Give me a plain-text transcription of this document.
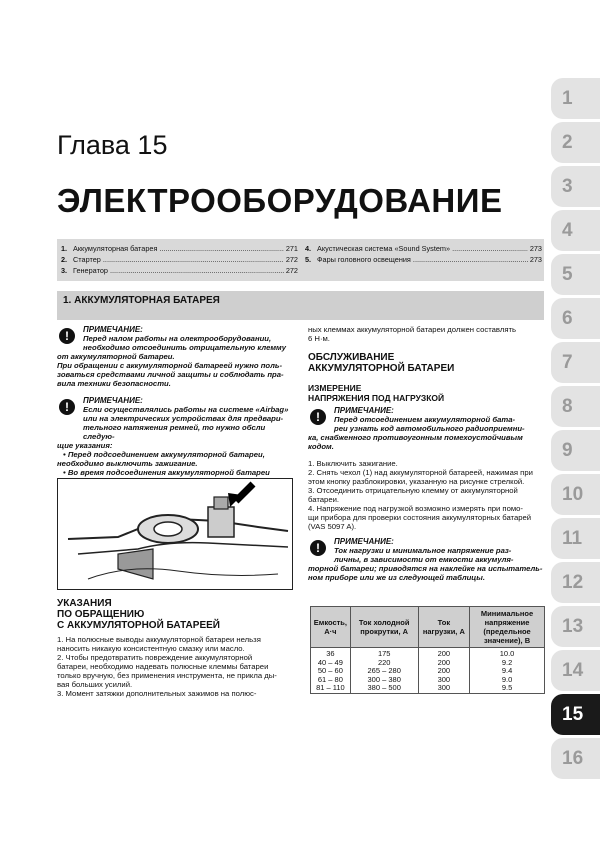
1
2
3
4
5
6
7
8
9
10
11
12
13
14
15
16
Глава 15
ЭЛЕКТРООБОРУДОВАНИЕ
1. Аккумуляторная батарея .....	271
2. Стартер .....	272
3. Генератор .....	272
4. Акустическая система «Sound System» .....	273
5. Фары головного освещения .....	273
1. АККУМУЛЯТОРНАЯ БАТАРЕЯ
!

ПРИМЕЧАНИЕ:

Перед налом работы на олектрооборудовании,

необходимо отсоединить отрицательную клемму

от аккумуляторной батареи.

При обращении с аккумуляторной батареей нужно поль-

зоваться средствами личной защиты и соблюдать пра-

вила техники безопасности.

!

ПРИМЕЧАНИЕ:

Если осуществлялись работы на системе «Airbag»

или на электрических устройствах для предвари-

тельного натяжения ремней, то нужно обсли следую-

щие указания:

• Перед подсоединением аккумуляторной батареи,

необходимо выключить зажигание.

• Во время подсоединения аккумуляторной батареи

УКАЗАНИЯ

ПО ОБРАЩЕНИЮ

С АККУМУЛЯТОРНОЙ БАТАРЕЕЙ

1. На полюсные выводы аккумуляторной батареи нельзя

наносить никакую консистентную смазку или масло.

2. Чтобы предотвратить повреждение аккумуляторной

батареи, необходимо надевать полюсные клеммы батареи

только вручную, без применения инструмента, не прикла ды-

вая больших усилий.

3. Момент затяжки дополнительных зажимов на полюс-

ных клеммах аккумуляторной батареи должен составлять

6 Н·м.

ОБСЛУЖИВАНИЕ

АККУМУЛЯТОРНОЙ БАТАРЕИ

ИЗМЕРЕНИЕ

НАПРЯЖЕНИЯ ПОД НАГРУЗКОЙ

!

ПРИМЕЧАНИЕ:

Перед отсоединением аккумуляторной бата-

реи узнать код автомобильного радиоприемни-

ка, снабженного противоугонным помехоустойчивым

кодом.

1. Выключить зажигание.

2. Снять чехол (1) над аккумуляторной батареей, нажимая при

этом кнопку разблокировки, указанную на рисунке стрелкой.

3. Отсоединить отрицательную клемму от аккумуляторной

батареи.

4. Напряжение под нагрузкой возможно измерять при помо-

щи прибора для проверки состояния аккумуляторных батарей

(VAS 5097 A).

!

ПРИМЕЧАНИЕ:

Ток нагрузки и минимальное напряжение раз-

личны, в зависимости от емкости аккумуля-

торной батареи; приводятся на наклейке на испытатель-

ном приборе или же из следующей таблицы.

Емкость, А·ч	Ток холодной прокрутки, А	Ток нагрузки, А	Минимальное напряжение (предельное значение), В
36	175	200	10.0
40 – 49	220	200	9.2
50 – 60	265 – 280	200	9.4
61 – 80	300 – 380	300	9.0
81 – 110	380 – 500	300	9.5
